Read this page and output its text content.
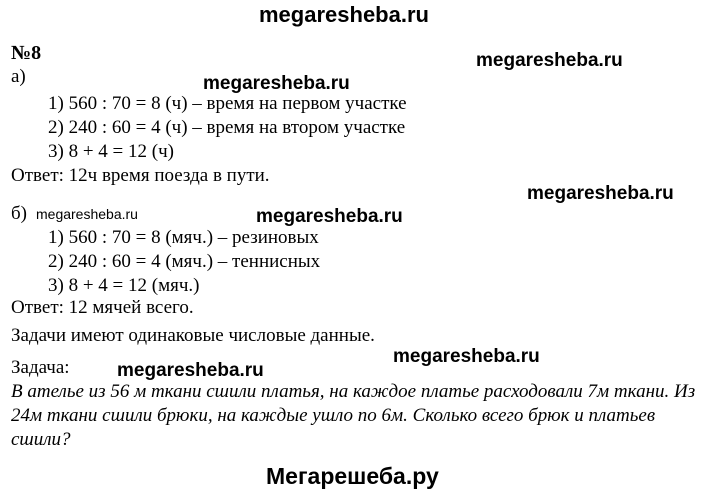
megaresheba.ru
megaresheba.ru
megaresheba.ru
megaresheba.ru
megaresheba.ru
megaresheba.ru
megaresheba.ru
megaresheba.ru
Мегарешеба.ру
№8
а)
1) 560 : 70 = 8 (ч) – время на первом участке
2) 240 : 60 = 4 (ч) – время на втором участке
3) 8 + 4 = 12 (ч)
Ответ: 12ч время поезда в пути.
б)
1) 560 : 70 = 8 (мяч.) – резиновых
2) 240 : 60 = 4 (мяч.) – теннисных
3) 8 + 4 = 12 (мяч.)
Ответ: 12 мячей всего.
Задачи имеют одинаковые числовые данные.
Задача:
В ателье из 56 м ткани сшили платья, на каждое платье расходовали 7м ткани. Из 24м ткани сшили брюки, на каждые ушло по 6м. Сколько всего брюк и платьев сшили?
